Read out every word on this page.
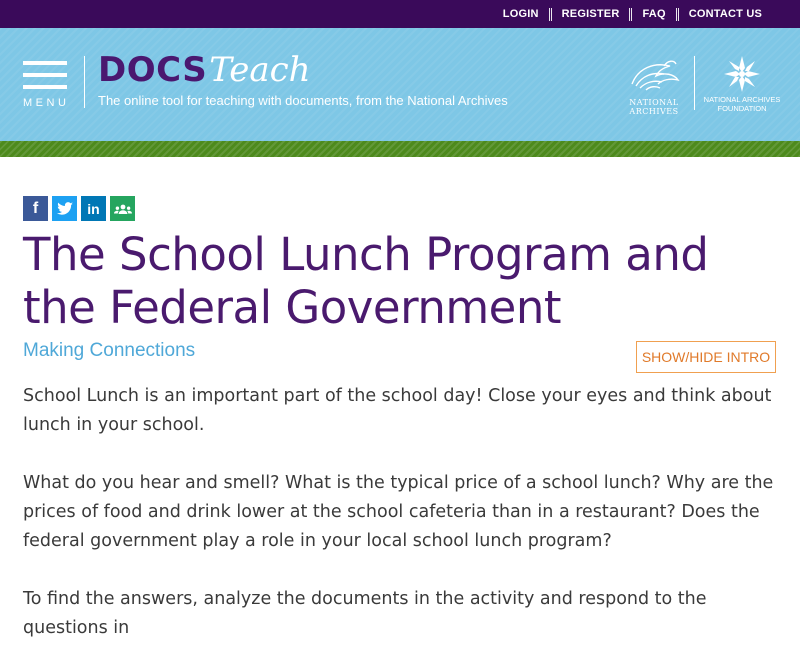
LOGIN	REGISTER	FAQ	CONTACT US
MENU
DOCS Teach
The online tool for teaching with documents, from the National Archives	NATIONAL ARCHIVES
NATIONAL ARCHIVES FOUNDATION
f	in
The School Lunch Program and the Federal Government
Making Connections	SHOW/HIDE INTRO

School Lunch is an important part of the school day! Close your eyes and think about lunch in your school.

What do you hear and smell? What is the typical price of a school lunch? Why are the prices of food and drink lower at the school cafeteria than in a restaurant? Does the federal government play a role in your local school lunch program?

To find the answers, analyze the documents in the activity and respond to the questions in
